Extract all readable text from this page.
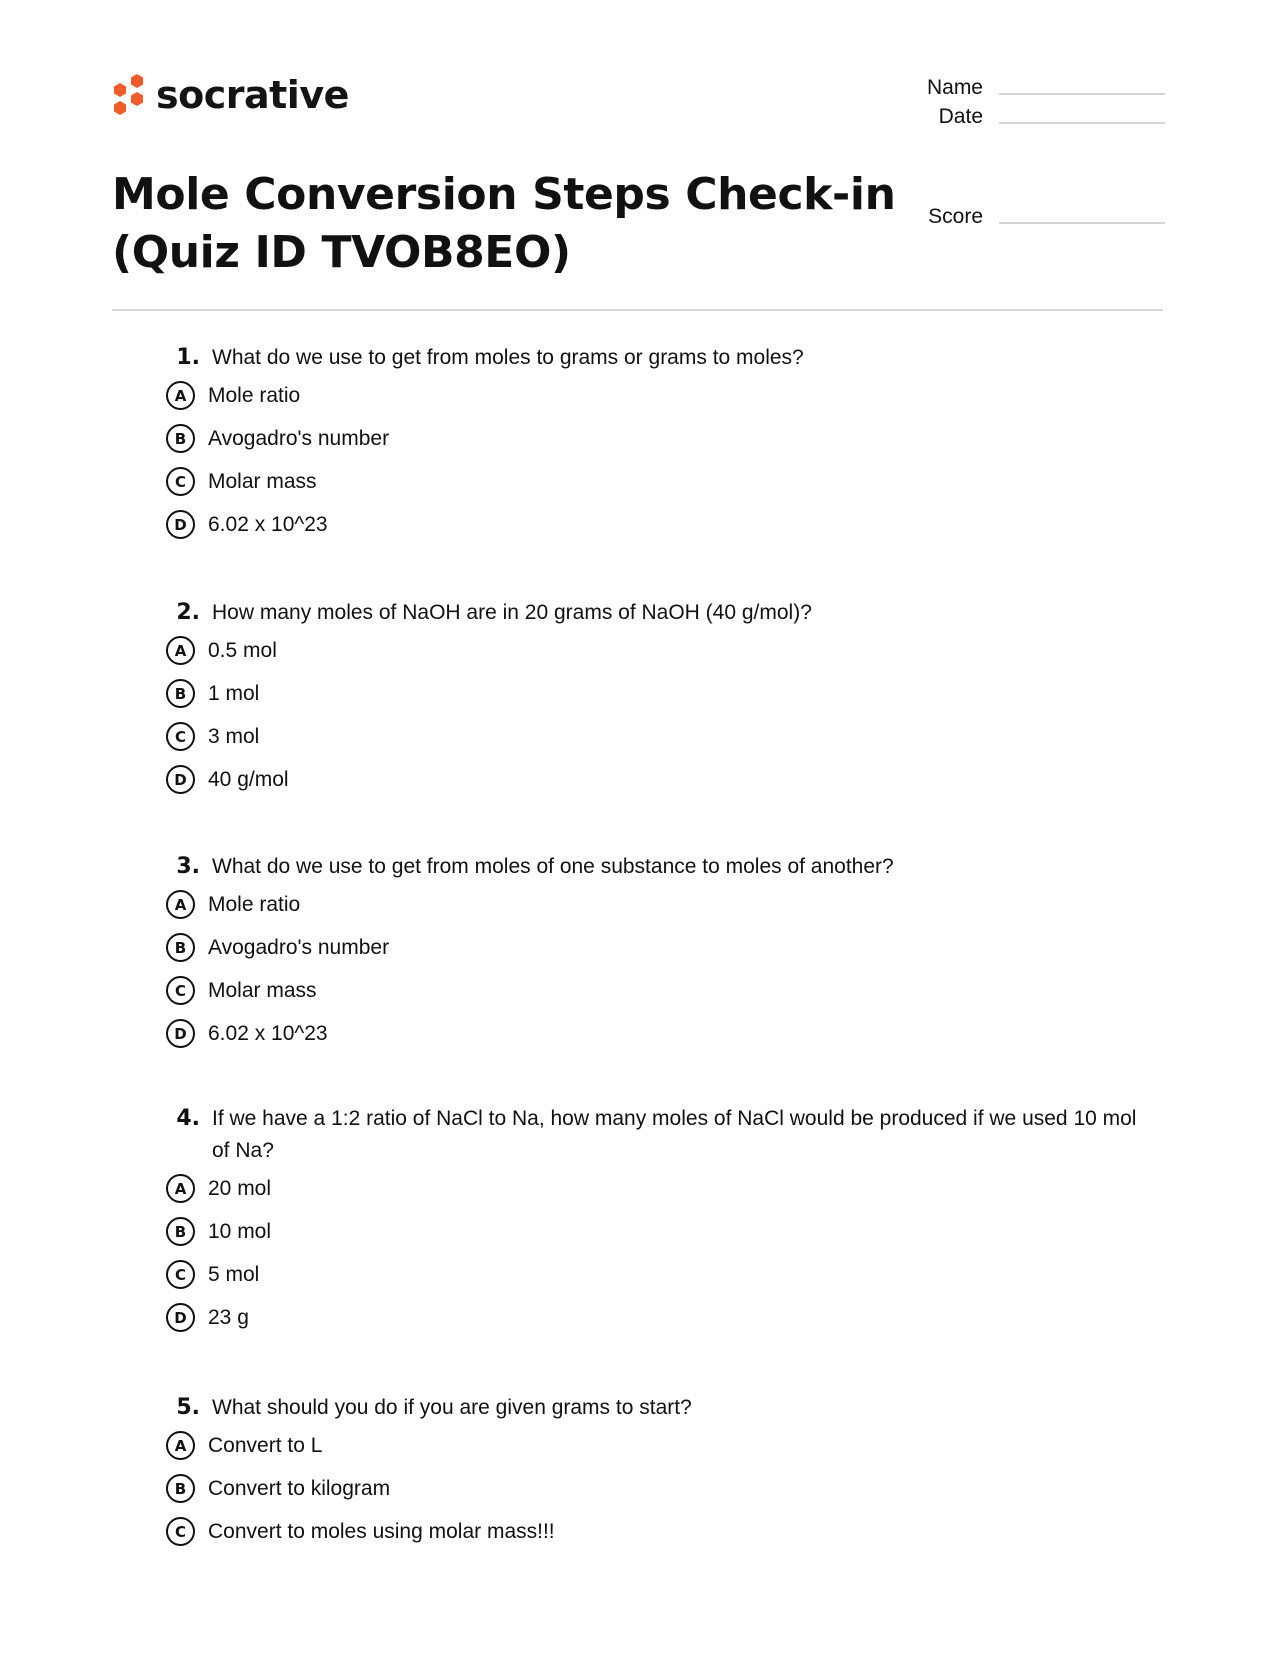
socrative	Name
Date
Score
Mole Conversion Steps Check-in
(Quiz ID TVOB8EO)
1. What do we use to get from moles to grams or grams to moles?
A	Mole ratio
B	Avogadro's number
C	Molar mass
D	6.02 x 10^23
2. How many moles of NaOH are in 20 grams of NaOH (40 g/mol)?
A	0.5 mol
B	1 mol
C	3 mol
D	40 g/mol
3. What do we use to get from moles of one substance to moles of another?
A	Mole ratio
B	Avogadro's number
C	Molar mass
D	6.02 x 10^23
4. If we have a 1:2 ratio of NaCl to Na, how many moles of NaCl would be produced if we used 10 mol of Na?
A	20 mol
B	10 mol
C	5 mol
D	23 g
5. What should you do if you are given grams to start?
A	Convert to L
B	Convert to kilogram
C	Convert to moles using molar mass!!!
